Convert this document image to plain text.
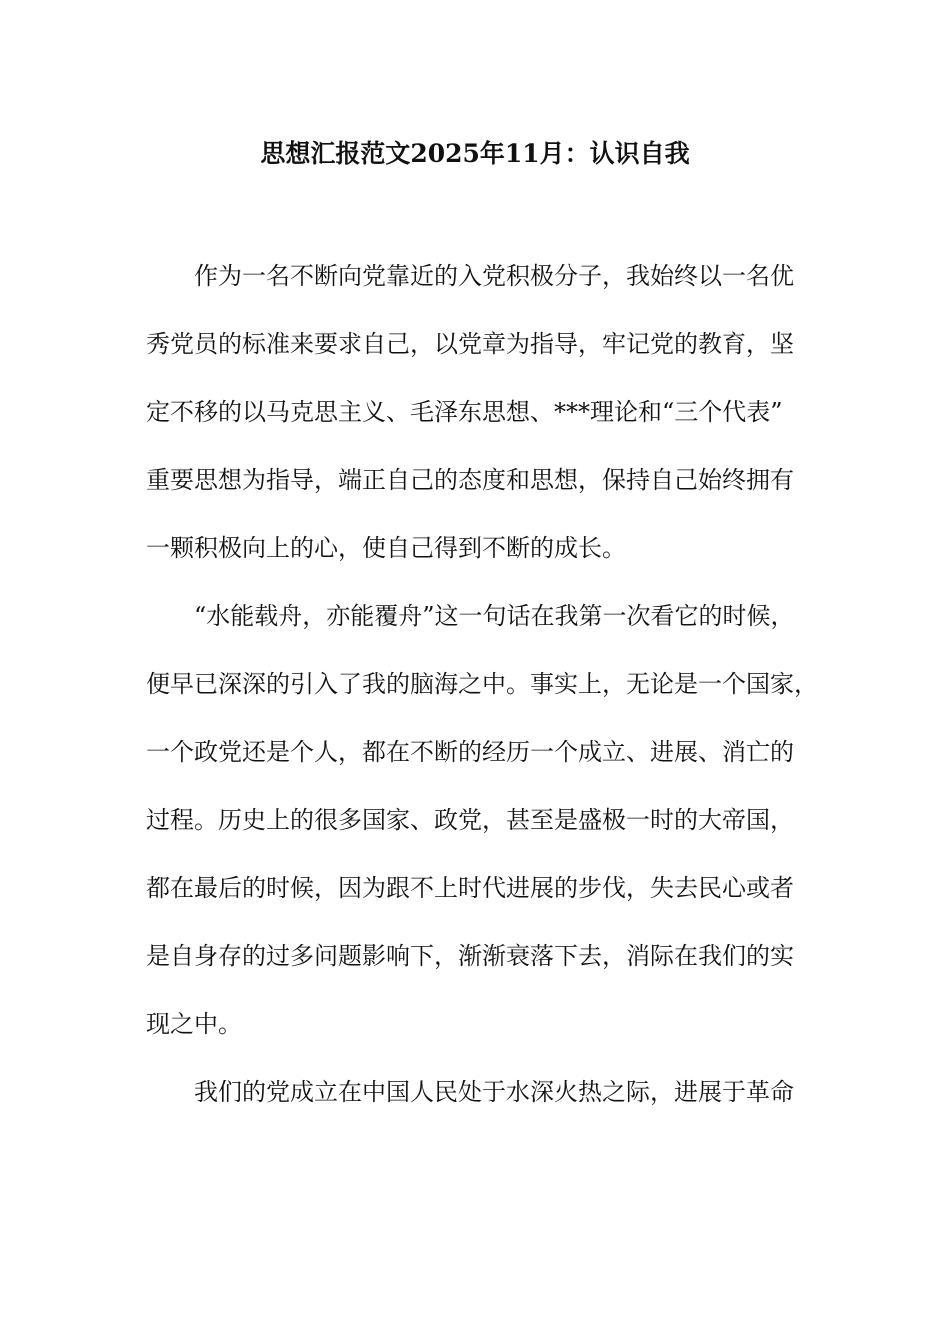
思想汇报范文2025年11月：认识自我
作为一名不断向党靠近的入党积极分子，我始终以一名优
秀党员的标准来要求自己，以党章为指导，牢记党的教育，坚
定不移的以马克思主义、毛泽东思想、***理论和“三个代表”
重要思想为指导，端正自己的态度和思想，保持自己始终拥有
一颗积极向上的心，使自己得到不断的成长。
“水能载舟，亦能覆舟”这一句话在我第一次看它的时候，
便早已深深的引入了我的脑海之中。事实上，无论是一个国家，
一个政党还是个人，都在不断的经历一个成立、进展、消亡的
过程。历史上的很多国家、政党，甚至是盛极一时的大帝国，
都在最后的时候，因为跟不上时代进展的步伐，失去民心或者
是自身存的过多问题影响下，渐渐衰落下去，消际在我们的实
现之中。
我们的党成立在中国人民处于水深火热之际，进展于革命
